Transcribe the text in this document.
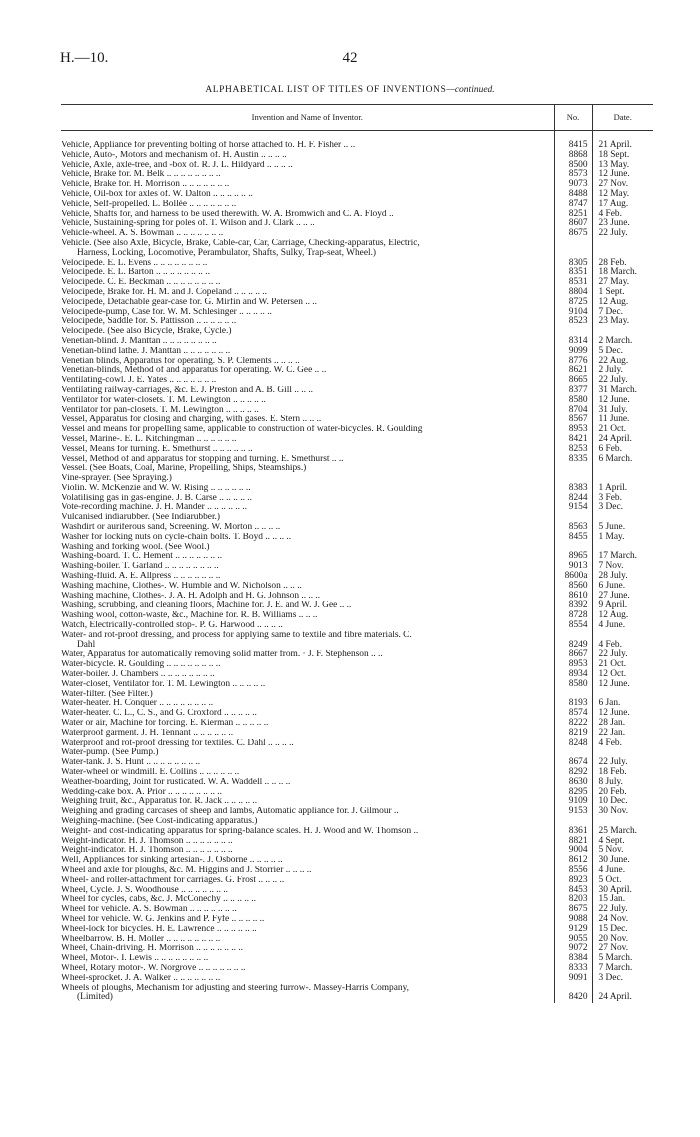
H.—10.	42
ALPHABETICAL LIST OF TITLES OF INVENTIONS—continued.
Invention and Name of Inventor.	No.	Date.

Vehicle, Appliance for preventing bolting of horse attached to. H. F. Fisher .. ..	8415	21 April.
Vehicle, Auto-, Motors and mechanism of. H. Austin .. .. .. ..	8868	18 Sept.
Vehicle, Axle, axle-tree, and -box of. R. J. L. Hildyard .. .. .. ..	8500	13 May.
Vehicle, Brake for. M. Belk .. .. .. .. .. .. .. ..	8573	12 June.
Vehicle, Brake for. H. Morrison .. .. .. .. .. .. ..	9073	27 Nov.
Vehicle, Oil-box for axles of. W. Dalton .. .. .. .. .. ..	8488	12 May.
Vehicle, Self-propelled. L. Bollée .. .. .. .. .. .. ..	8747	17 Aug.
Vehicle, Shafts for, and harness to be used therewith. W. A. Bromwich and C. A. Floyd ..	8251	4 Feb.
Vehicle, Sustaining-spring for poles of. T. Wilson and J. Clark .. .. ..	8607	23 June.
Vehicle-wheel. A. S. Bowman .. .. .. .. .. .. ..	8675	22 July.
Vehicle. (See also Axle, Bicycle, Brake, Cable-car, Car, Carriage, Checking-apparatus, Electric,
Harness, Locking, Locomotive, Perambulator, Shafts, Sulky, Trap-seat, Wheel.)		

Velocipede. E. L. Evens .. .. .. .. .. .. .. ..	8305	28 Feb.
Velocipede. E. L. Barton .. .. .. .. .. .. .. ..	8351	18 March.
Velocipede. C. E. Beckman .. .. .. .. .. .. .. ..	8531	27 May.
Velocipede, Brake for. H. M. and J. Copeland .. .. .. .. ..	8804	1 Sept.
Velocipede, Detachable gear-case for. G. Mirfin and W. Petersen .. ..	8725	12 Aug.
Velocipede-pump, Case for. W. M. Schlesinger .. .. .. .. ..	9104	7 Dec.
Velocipede, Saddle for. S. Pattisson .. .. .. .. .. ..	8523	23 May.
Velocipede. (See also Bicycle, Brake, Cycle.)		
Venetian-blind. J. Manttan .. .. .. .. .. .. .. ..	8314	2 March.
Venetian-blind lathe. J. Manttan .. .. .. .. .. .. ..	9099	5 Dec.
Venetian blinds, Apparatus for operating. S. P. Clements .. .. .. ..	8776	22 Aug.
Venetian-blinds, Method of and apparatus for operating. W. C. Gee .. ..	8621	2 July.
Ventilating-cowl. J. E. Yates .. .. .. .. .. .. ..	8665	22 July.
Ventilating railway-carriages, &c. E. J. Preston and A. B. Gill .. .. ..	8377	31 March.
Ventilator for water-closets. T. M. Lewington .. .. .. .. ..	8580	12 June.
Ventilator for pan-closets. T. M. Lewington .. .. .. .. ..	8704	31 July.
Vessel, Apparatus for closing and charging, with gases. E. Stern .. .. ..	8567	11 June.
Vessel and means for propelling same, applicable to construction of water-bicycles. R. Goulding	8953	21 Oct.
Vessel, Marine-. E. L. Kitchingman .. .. .. .. .. ..	8421	24 April.
Vessel, Means for turning. E. Smethurst .. .. .. .. .. ..	8253	6 Feb.
Vessel, Method of and apparatus for stopping and turning. E. Smethurst .. ..	8335	6 March.
Vessel. (See Boats, Coal, Marine, Propelling, Ships, Steamships.)		
Vine-sprayer. (See Spraying.)		
Violin. W. McKenzie and W. W. Rising .. .. .. .. .. ..	8383	1 April.
Volatilising gas in gas-engine. J. B. Carse .. .. .. .. ..	8244	3 Feb.
Vote-recording machine. J. H. Mander .. .. .. .. .. ..	9154	3 Dec.
Vulcanised indiarubber. (See Indiarubber.)		
Washdirt or auriferous sand, Screening. W. Morton .. .. .. ..	8563	5 June.
Washer for locking nuts on cycle-chain bolts. T. Boyd .. .. .. ..	8455	1 May.
Washing and forking wool. (See Wool.)		
Washing-board. T. C. Hement .. .. .. .. .. .. ..	8965	17 March.
Washing-boiler. T. Garland .. .. .. .. .. .. .. ..	9013	7 Nov.
Washing-fluid. A. E. Allpress .. .. .. .. .. .. ..	8600a	28 July.
Washing machine, Clothes-. W. Humble and W. Nicholson .. .. ..	8560	6 June.
Washing machine, Clothes-. J. A. H. Adolph and H. G. Johnson .. .. ..	8610	27 June.
Washing, scrubbing, and cleaning floors, Machine for. J. E. and W. J. Gee .. ..	8392	9 April.
Washing wool, cotton-waste, &c., Machine for. R. B. Williams .. .. ..	8728	12 Aug.
Watch, Electrically-controlled stop-. P. G. Harwood .. .. .. ..	8554	4 June.
Water- and rot-proof dressing, and process for applying same to textile and fibre materials. C.
Dahl	8249	4 Feb.
Water, Apparatus for automatically removing solid matter from. · J. F. Stephenson .. ..	8667	22 July.
Water-bicycle. R. Goulding .. .. .. .. .. .. .. ..	8953	21 Oct.
Water-boiler. J. Chambers .. .. .. .. .. .. .. ..	8934	12 Oct.
Water-closet, Ventilator for. T. M. Lewington .. .. .. .. ..	8580	12 June.
Water-filter. (See Filter.)		
Water-heater. H. Conquer .. .. .. .. .. .. .. ..	8193	6 Jan.
Water-heater. C. L., C. S., and G. Croxford .. .. .. .. ..	8574	12 June.
Water or air, Machine for forcing. E. Kierman .. .. .. .. ..	8222	28 Jan.
Waterproof garment. J. H. Tennant .. .. .. .. .. ..	8219	22 Jan.
Waterproof and rot-proof dressing for textiles. C. Dahl .. .. .. ..	8248	4 Feb.
Water-pump. (See Pump.)		
Water-tank. J. S. Hunt .. .. .. .. .. .. .. ..	8674	22 July.
Water-wheel or windmill. E. Collins .. .. .. .. .. ..	8292	18 Feb.
Weather-boarding, Joint for rusticated. W. A. Waddell .. .. .. ..	8630	8 July.
Wedding-cake box. A. Prior .. .. .. .. .. .. .. ..	8295	20 Feb.
Weighing fruit, &c., Apparatus for. R. Jack .. .. .. .. ..	9109	10 Dec.
Weighing and grading carcases of sheep and lambs, Automatic appliance for. J. Gilmour ..	9153	30 Nov.
Weighing-machine. (See Cost-indicating apparatus.)		
Weight- and cost-indicating apparatus for spring-balance scales. H. J. Wood and W. Thomson ..	8361	25 March.
Weight-indicator. H. J. Thomson .. .. .. .. .. .. ..	8821	4 Sept.
Weight-indicator. H. J. Thomson .. .. .. .. .. .. ..	9004	5 Nov.
Well, Appliances for sinking artesian-. J. Osborne .. .. .. .. ..	8612	30 June.
Wheel and axle for ploughs, &c. M. Higgins and J. Storrier .. .. .. ..	8556	4 June.
Wheel- and roller-attachment for carriages. G. Frost .. .. .. ..	8923	5 Oct.
Wheel, Cycle. J. S. Woodhouse .. .. .. .. .. .. ..	8453	30 April.
Wheel for cycles, cabs, &c. J. McConechy .. .. .. .. ..	8203	15 Jan.
Wheel for vehicle. A. S. Bowman .. .. .. .. .. .. ..	8675	22 July.
Wheel for vehicle. W. G. Jenkins and P. Fyfe .. .. .. .. ..	9088	24 Nov.
Wheel-lock for bicycles. H. E. Lawrence .. .. .. .. .. ..	9129	15 Dec.
Wheelbarrow. B. H. Moller .. .. .. .. .. .. .. ..	9055	20 Nov.
Wheel, Chain-driving. H. Morrison .. .. .. .. .. .. ..	9072	27 Nov.
Wheel, Motor-. I. Lewis .. .. .. .. .. .. .. ..	8384	5 March.
Wheel, Rotary motor-. W. Norgrove .. .. .. .. .. .. ..	8333	7 March.
Wheel-sprocket. J. A. Walker .. .. .. .. .. .. ..	9091	3 Dec.
Wheels of ploughs, Mechanism for adjusting and steering furrow-. Massey-Harris Company,
(Limited)	8420	24 April.
